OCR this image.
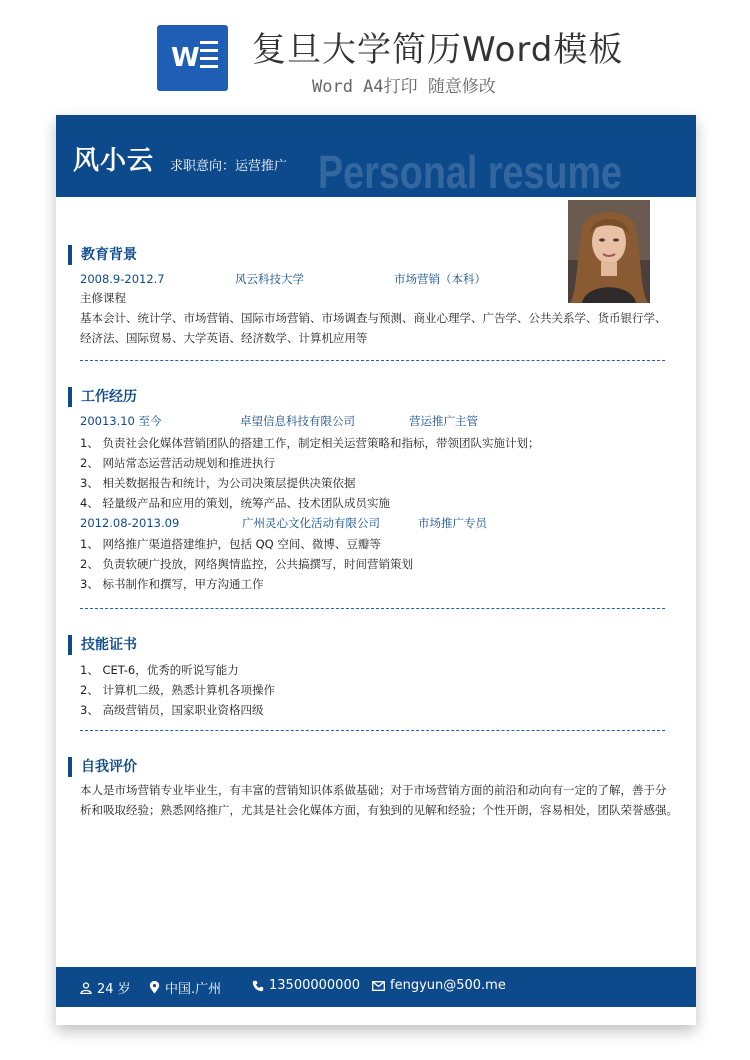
W 复旦大学简历Word模板
Word A4打印 随意修改
Personal resume
风小云 求职意向：运营推广
教育背景
2008.9-2012.7	风云科技大学	市场营销（本科）
主修课程
基本会计、统计学、市场营销、国际市场营销、市场调查与预测、商业心理学、广告学、公共关系学、货币银行学、
经济法、国际贸易、大学英语、经济数学、计算机应用等
工作经历
20013.10 至今	卓望信息科技有限公司	营运推广主管
1、 负责社会化媒体营销团队的搭建工作，制定相关运营策略和指标，带领团队实施计划；
2、 网站常态运营活动规划和推进执行
3、 相关数据报告和统计，为公司决策层提供决策依据
4、 轻量级产品和应用的策划，统筹产品、技术团队成员实施
2012.08-2013.09	广州灵心文化活动有限公司	市场推广专员
1、 网络推广渠道搭建维护，包括 QQ 空间、微博、豆瓣等
2、 负责软硬广投放，网络舆情监控，公共搞撰写，时间营销策划
3、 标书制作和撰写，甲方沟通工作
技能证书
1、 CET-6，优秀的听说写能力
2、 计算机二级，熟悉计算机各项操作
3、 高级营销员，国家职业资格四级
自我评价
本人是市场营销专业毕业生，有丰富的营销知识体系做基础；对于市场营销方面的前沿和动向有一定的了解，善于分
析和吸取经验；熟悉网络推广，尤其是社会化媒体方面，有独到的见解和经验；个性开朗，容易相处，团队荣誉感强。
24 岁	中国.广州	13500000000 fengyun@500.me
